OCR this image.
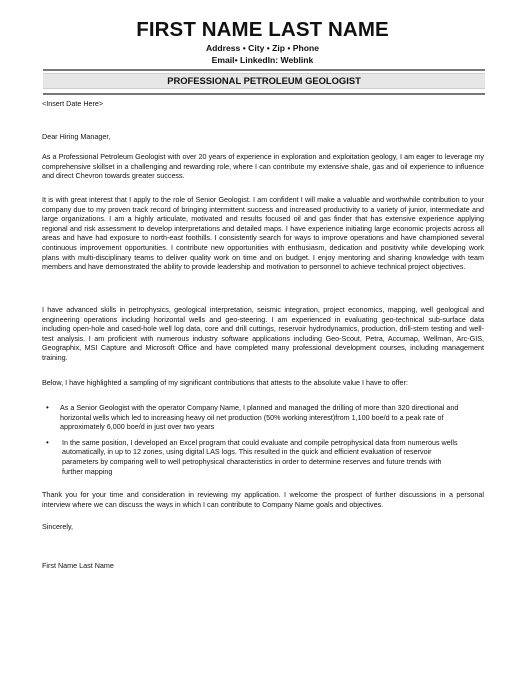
FIRST NAME LAST NAME
Address • City • Zip • Phone
Email• LinkedIn: Weblink
PROFESSIONAL PETROLEUM GEOLOGIST
<Insert Date Here>
Dear Hiring Manager,
As a Professional Petroleum Geologist with over 20 years of experience in exploration and exploitation geology, I am eager to leverage my comprehensive skillset in a challenging and rewarding role, where I can contribute my extensive shale, gas and oil experience to influence and direct Chevron towards greater success.
It is with great interest that I apply to the role of Senior Geologist. I am confident I will make a valuable and worthwhile contribution to your company due to my proven track record of bringing intermittent success and increased productivity to a variety of junior, intermediate and large organizations. I am a highly articulate, motivated and results focused oil and gas finder that has extensive experience applying regional and risk assessment to develop interpretations and detailed maps. I have experience initiating large economic projects across all areas and have had exposure to north-east foothills. I consistently search for ways to improve operations and have championed several continuous improvement opportunities. I contribute new opportunities with enthusiasm, dedication and positivity while developing work plans with multi-disciplinary teams to deliver quality work on time and on budget. I enjoy mentoring and sharing knowledge with team members and have demonstrated the ability to provide leadership and motivation to personnel to achieve technical project objectives.
I have advanced skills in petrophysics, geological interpretation, seismic integration, project economics, mapping, well geological and engineering operations including horizontal wells and geo-steering. I am experienced in evaluating geo-technical sub-surface data including open-hole and cased-hole well log data, core and drill cuttings, reservoir hydrodynamics, production, drill-stem testing and well-test analysis. I am proficient with numerous industry software applications including Geo-Scout, Petra, Accumap, Wellman, Arc-GIS, Geographix, MSI Capture and Microsoft Office and have completed many professional development courses, including management training.
Below, I have highlighted a sampling of my significant contributions that attests to the absolute value I have to offer:
• As a Senior Geologist with the operator Company Name, I planned and managed the drilling of more than 320 directional and horizontal wells which led to increasing heavy oil net production (50% working interest)from 1,100 boe/d to a peak rate of approximately 6,000 boe/d in just over two years
• In the same position, I developed an Excel program that could evaluate and compile petrophysical data from numerous wells automatically, in up to 12 zones, using digital LAS logs. This resulted in the quick and efficient evaluation of reservoir parameters by comparing well to well petrophysical characteristics in order to determine reserves and future trends with further mapping
Thank you for your time and consideration in reviewing my application. I welcome the prospect of further discussions in a personal interview where we can discuss the ways in which I can contribute to Company Name goals and objectives.
Sincerely,
First Name Last Name
